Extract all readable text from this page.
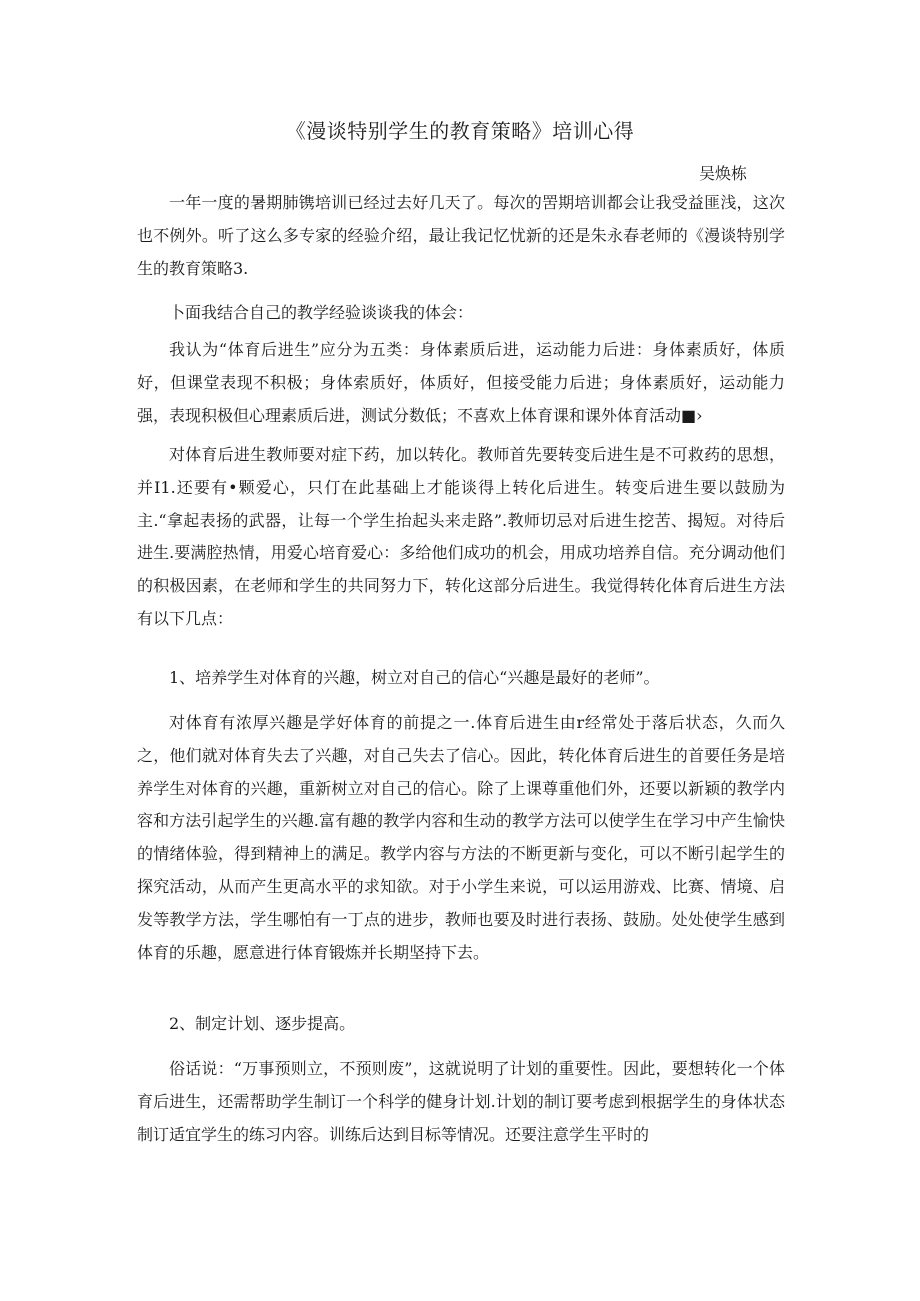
《漫谈特别学生的教育策略》培训心得

吴焕栋

一年一度的暑期肺镌培训已经过去好几天了。每次的罟期培训都会让我受益匪浅，这次也不例外。听了这么多专家的经验介绍，最让我记忆忧新的还是朱永春老师的《漫谈特别学生的教育策略3.

卜面我结合自己的教学经验谈谈我的体会：

我认为“体育后进生”应分为五类：身体素质后进，运动能力后进：身体素质好，体质好，但课堂表现不积极；身体索质好，体质好，但接受能力后进；身体素质好，运动能力强，表现积极但心理素质后进，测试分数低；不喜欢上体育课和课外体育活动■›

对体育后进生教师要对症下药，加以转化。教师首先要转变后进生是不可救药的思想，并I1.还要有•颗爱心，只仃在此基础上才能谈得上转化后进生。转变后进生要以鼓励为主.“拿起表扬的武器，让每一个学生抬起头来走路”.教师切忌对后进生挖苦、揭短。对待后进生.要满腔热情，用爱心培育爱心：多给他们成功的机会，用成功培养自信。充分调动他们的积极因素，在老师和学生的共同努力下，转化这部分后进生。我觉得转化体育后进生方法有以下几点：

1、培养学生对体育的兴趣，树立对自己的信心“兴趣是最好的老师”。

对体育有浓厚兴趣是学好体育的前提之一.体育后进生由r经常处于落后状态，久而久之，他们就对体育失去了兴趣，对自己失去了信心。因此，转化体育后进生的首要任务是培养学生对体育的兴趣，重新树立对自己的信心。除了上课尊重他们外，还要以新颖的教学内容和方法引起学生的兴趣.富有趣的教学内容和生动的教学方法可以使学生在学习中产生愉快的情绪体验，得到精神上的满足。教学内容与方法的不断更新与变化，可以不断引起学生的探究活动，从而产生更高水平的求知欲。对于小学生来说，可以运用游戏、比赛、情境、启发等教学方法，学生哪怕有一丁点的进步，教师也要及时进行表扬、鼓励。处处使学生感到体育的乐趣，愿意进行体育锻炼并长期坚持下去。

2、制定计划、逐步提高。

俗话说：“万事预则立，不预则废”，这就说明了计划的重要性。因此，要想转化一个体育后进生，还需帮助学生制订一个科学的健身计划.计划的制订要考虑到根据学生的身体状态制订适宜学生的练习内容。训练后达到目标等情况。还要注意学生平时的
